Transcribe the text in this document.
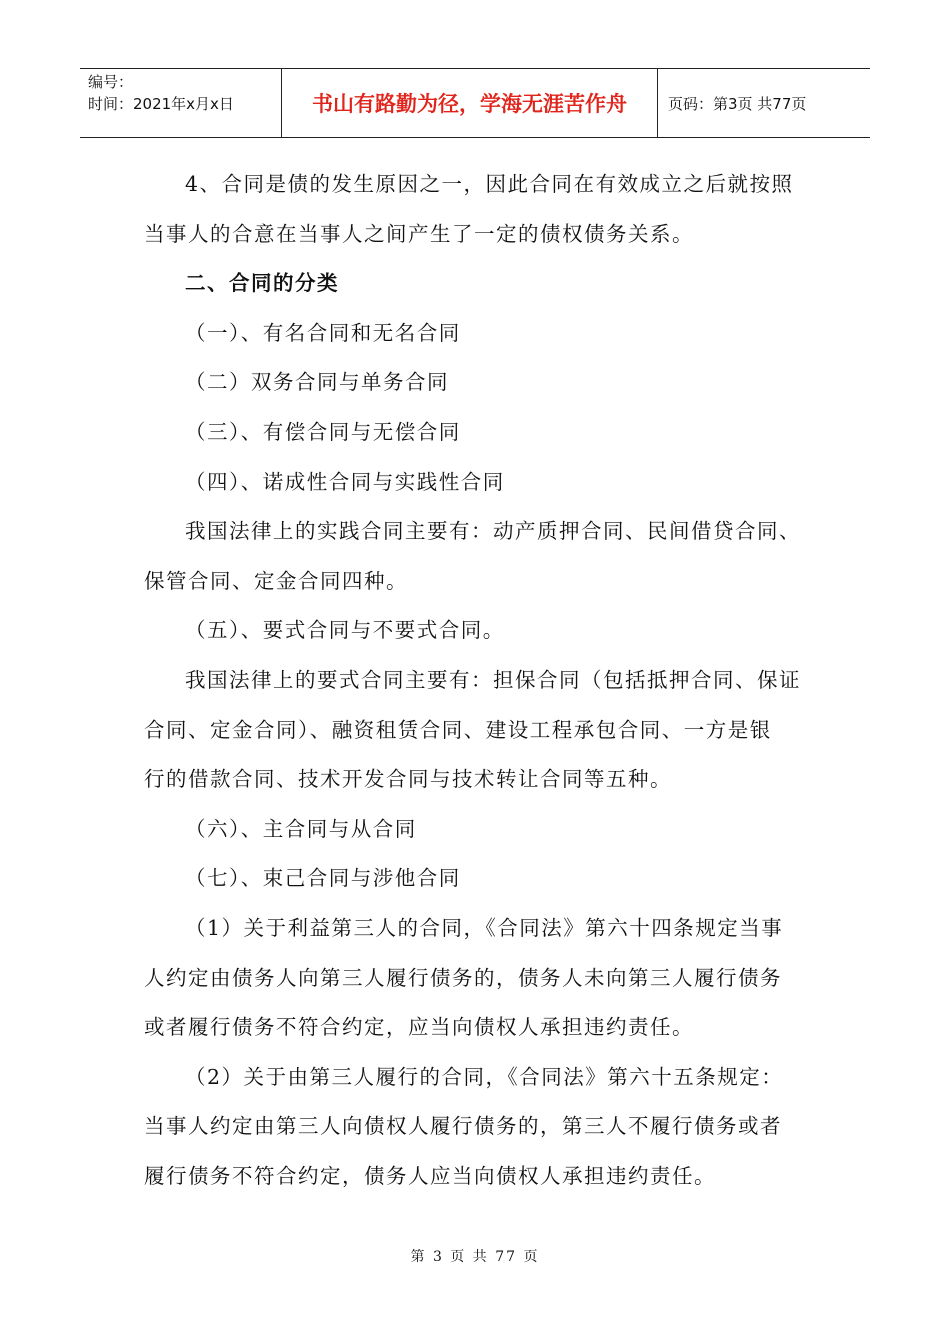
编号：
时间：2021年x月x日	书山有路勤为径，学海无涯苦作舟	页码：第3页 共77页
4、合同是债的发生原因之一，因此合同在有效成立之后就按照
当事人的合意在当事人之间产生了一定的债权债务关系。
二、合同的分类
（一）、有名合同和无名合同
（二）双务合同与单务合同
（三）、有偿合同与无偿合同
（四）、诺成性合同与实践性合同
我国法律上的实践合同主要有：动产质押合同、民间借贷合同、
保管合同、定金合同四种。
（五）、要式合同与不要式合同。
我国法律上的要式合同主要有：担保合同（包括抵押合同、保证
合同、定金合同）、融资租赁合同、建设工程承包合同、一方是银
行的借款合同、技术开发合同与技术转让合同等五种。
（六）、主合同与从合同
（七）、束己合同与涉他合同
（1）关于利益第三人的合同，《合同法》第六十四条规定当事
人约定由债务人向第三人履行债务的，债务人未向第三人履行债务
或者履行债务不符合约定，应当向债权人承担违约责任。
（2）关于由第三人履行的合同，《合同法》第六十五条规定：
当事人约定由第三人向债权人履行债务的，第三人不履行债务或者
履行债务不符合约定，债务人应当向债权人承担违约责任。
第 3 页 共 77 页
